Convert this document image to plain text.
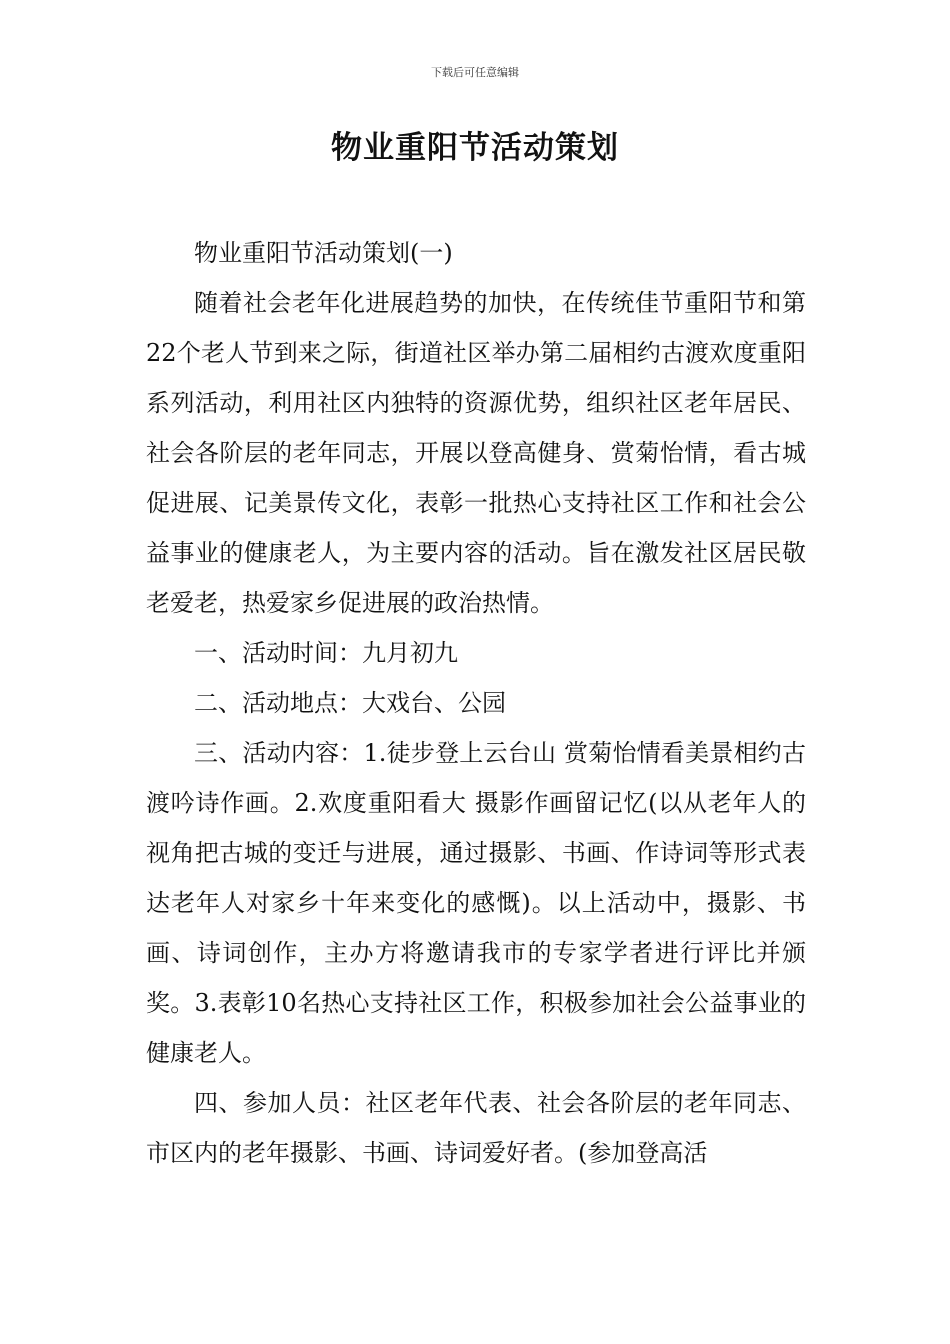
下载后可任意编辑
物业重阳节活动策划

物业重阳节活动策划(一)

随着社会老年化进展趋势的加快，在传统佳节重阳节和第22个老人节到来之际，街道社区举办第二届相约古渡欢度重阳系列活动，利用社区内独特的资源优势，组织社区老年居民、社会各阶层的老年同志，开展以登高健身、赏菊怡情，看古城促进展、记美景传文化，表彰一批热心支持社区工作和社会公益事业的健康老人，为主要内容的活动。旨在激发社区居民敬老爱老，热爱家乡促进展的政治热情。

一、活动时间：九月初九

二、活动地点：大戏台、公园

三、活动内容：1.徒步登上云台山 赏菊怡情看美景相约古渡吟诗作画。2.欢度重阳看大 摄影作画留记忆(以从老年人的视角把古城的变迁与进展，通过摄影、书画、作诗词等形式表达老年人对家乡十年来变化的感慨)。以上活动中，摄影、书画、诗词创作，主办方将邀请我市的专家学者进行评比并颁奖。3.表彰10名热心支持社区工作，积极参加社会公益事业的健康老人。

四、参加人员：社区老年代表、社会各阶层的老年同志、市区内的老年摄影、书画、诗词爱好者。(参加登高活
